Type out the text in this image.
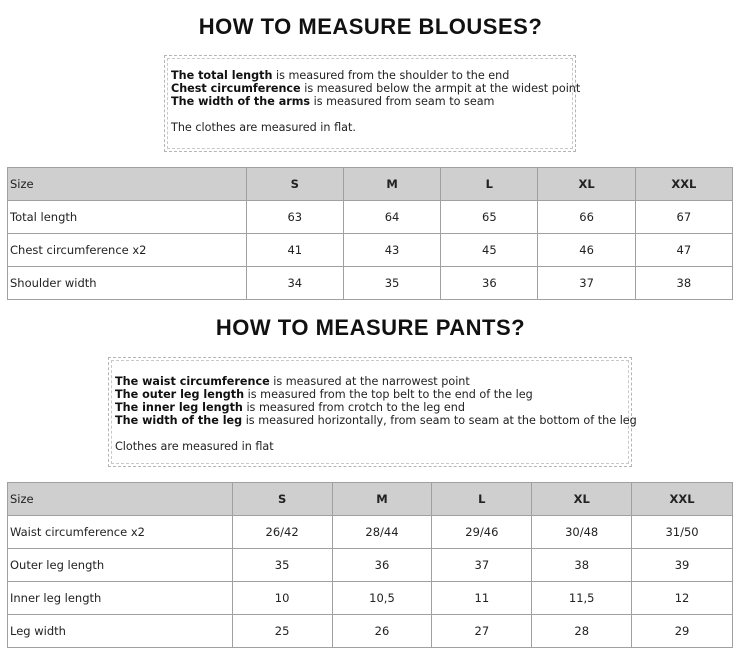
HOW TO MEASURE BLOUSES?
The total length is measured from the shoulder to the end
Chest circumference is measured below the armpit at the widest point
The width of the arms is measured from seam to seam
The clothes are measured in flat.
Size	S	M	L	XL	XXL
Total length	63	64	65	66	67
Chest circumference x2	41	43	45	46	47
Shoulder width	34	35	36	37	38
HOW TO MEASURE PANTS?
The waist circumference is measured at the narrowest point
The outer leg length is measured from the top belt to the end of the leg
The inner leg length is measured from crotch to the leg end
The width of the leg is measured horizontally, from seam to seam at the bottom of the leg
Clothes are measured in flat
Size	S	M	L	XL	XXL
Waist circumference x2	26/42	28/44	29/46	30/48	31/50
Outer leg length	35	36	37	38	39
Inner leg length	10	10,5	11	11,5	12
Leg width	25	26	27	28	29
